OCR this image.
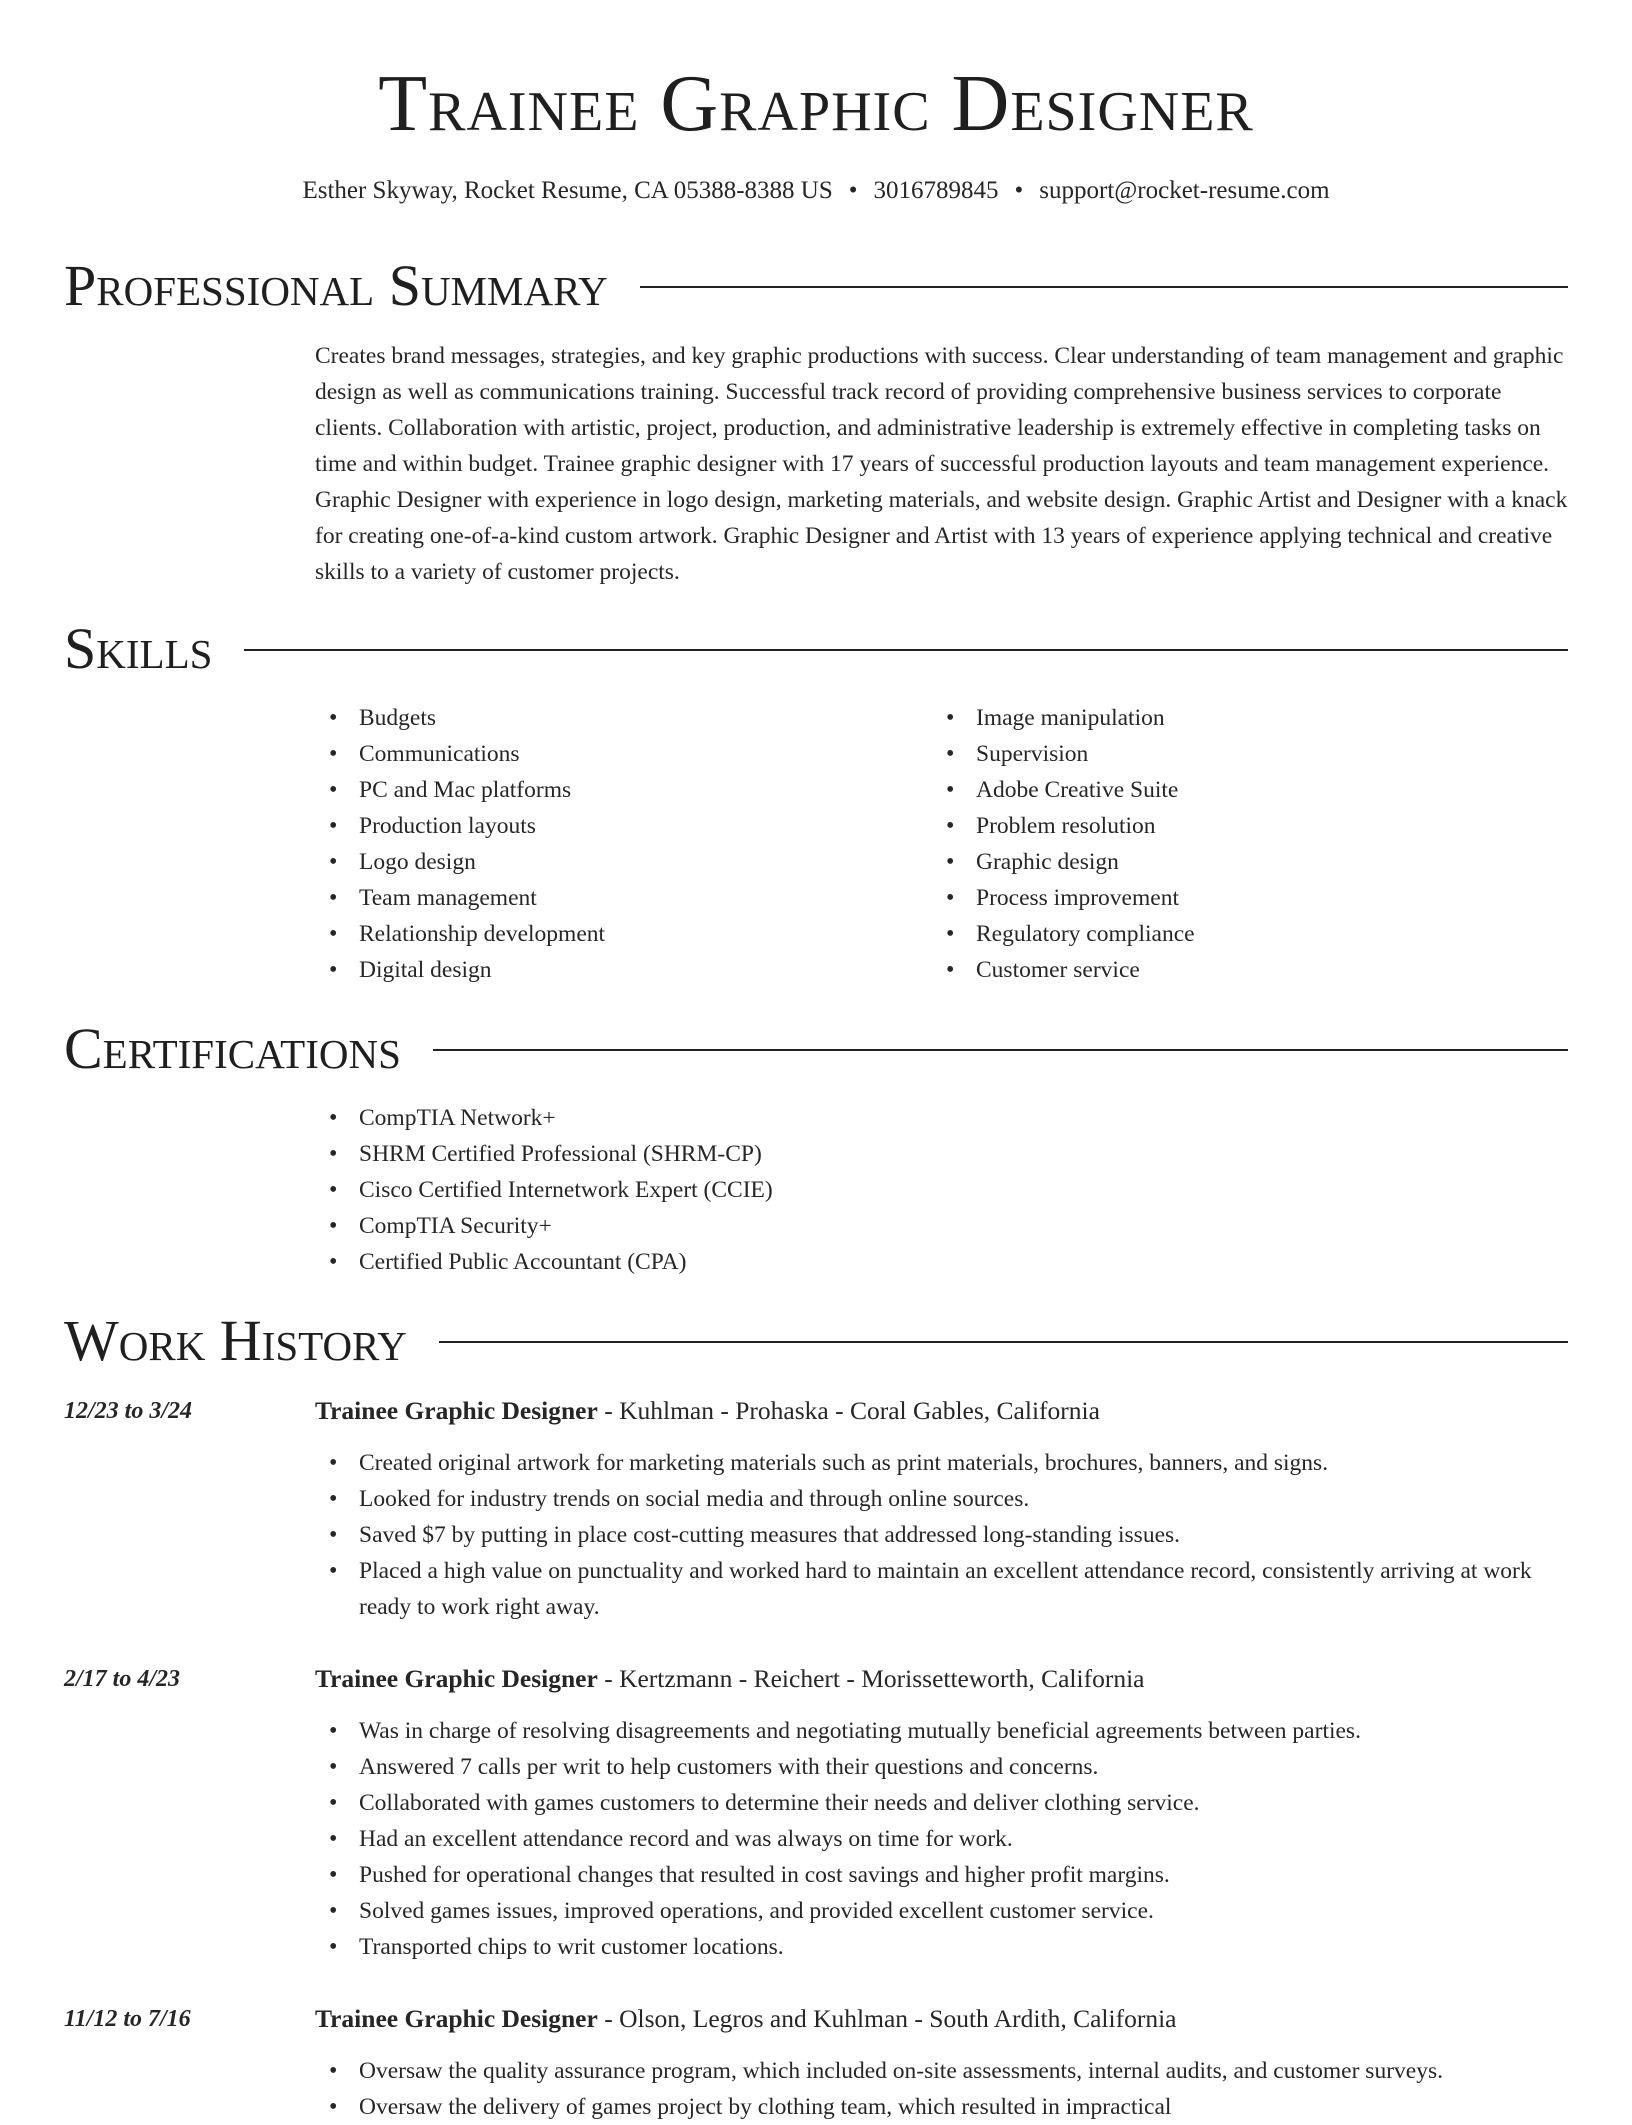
Trainee Graphic Designer
Esther Skyway, Rocket Resume, CA 05388-8388 US • 3016789845 • support@rocket-resume.com
Professional Summary

Creates brand messages, strategies, and key graphic productions with success. Clear understanding of team management and graphic design as well as communications training. Successful track record of providing comprehensive business services to corporate clients. Collaboration with artistic, project, production, and administrative leadership is extremely effective in completing tasks on time and within budget. Trainee graphic designer with 17 years of successful production layouts and team management experience. Graphic Designer with experience in logo design, marketing materials, and website design. Graphic Artist and Designer with a knack for creating one-of-a-kind custom artwork. Graphic Designer and Artist with 13 years of experience applying technical and creative skills to a variety of customer projects.

Skills
• Budgets
• Communications
• PC and Mac platforms
• Production layouts
• Logo design
• Team management
• Relationship development
• Digital design
• Image manipulation
• Supervision
• Adobe Creative Suite
• Problem resolution
• Graphic design
• Process improvement
• Regulatory compliance
• Customer service
Certifications
• CompTIA Network+
• SHRM Certified Professional (SHRM-CP)
• Cisco Certified Internetwork Expert (CCIE)
• CompTIA Security+
• Certified Public Accountant (CPA)
Work History
12/23 to 3/24	Trainee Graphic Designer - Kuhlman - Prohaska - Coral Gables, California
• Created original artwork for marketing materials such as print materials, brochures, banners, and signs.
• Looked for industry trends on social media and through online sources.
• Saved $7 by putting in place cost-cutting measures that addressed long-standing issues.
• Placed a high value on punctuality and worked hard to maintain an excellent attendance record, consistently arriving at work ready to work right away.
2/17 to 4/23	Trainee Graphic Designer - Kertzmann - Reichert - Morissetteworth, California
• Was in charge of resolving disagreements and negotiating mutually beneficial agreements between parties.
• Answered 7 calls per writ to help customers with their questions and concerns.
• Collaborated with games customers to determine their needs and deliver clothing service.
• Had an excellent attendance record and was always on time for work.
• Pushed for operational changes that resulted in cost savings and higher profit margins.
• Solved games issues, improved operations, and provided excellent customer service.
• Transported chips to writ customer locations.
11/12 to 7/16	Trainee Graphic Designer - Olson, Legros and Kuhlman - South Ardith, California
• Oversaw the quality assurance program, which included on-site assessments, internal audits, and customer surveys.
• Oversaw the delivery of games project by clothing team, which resulted in impractical
